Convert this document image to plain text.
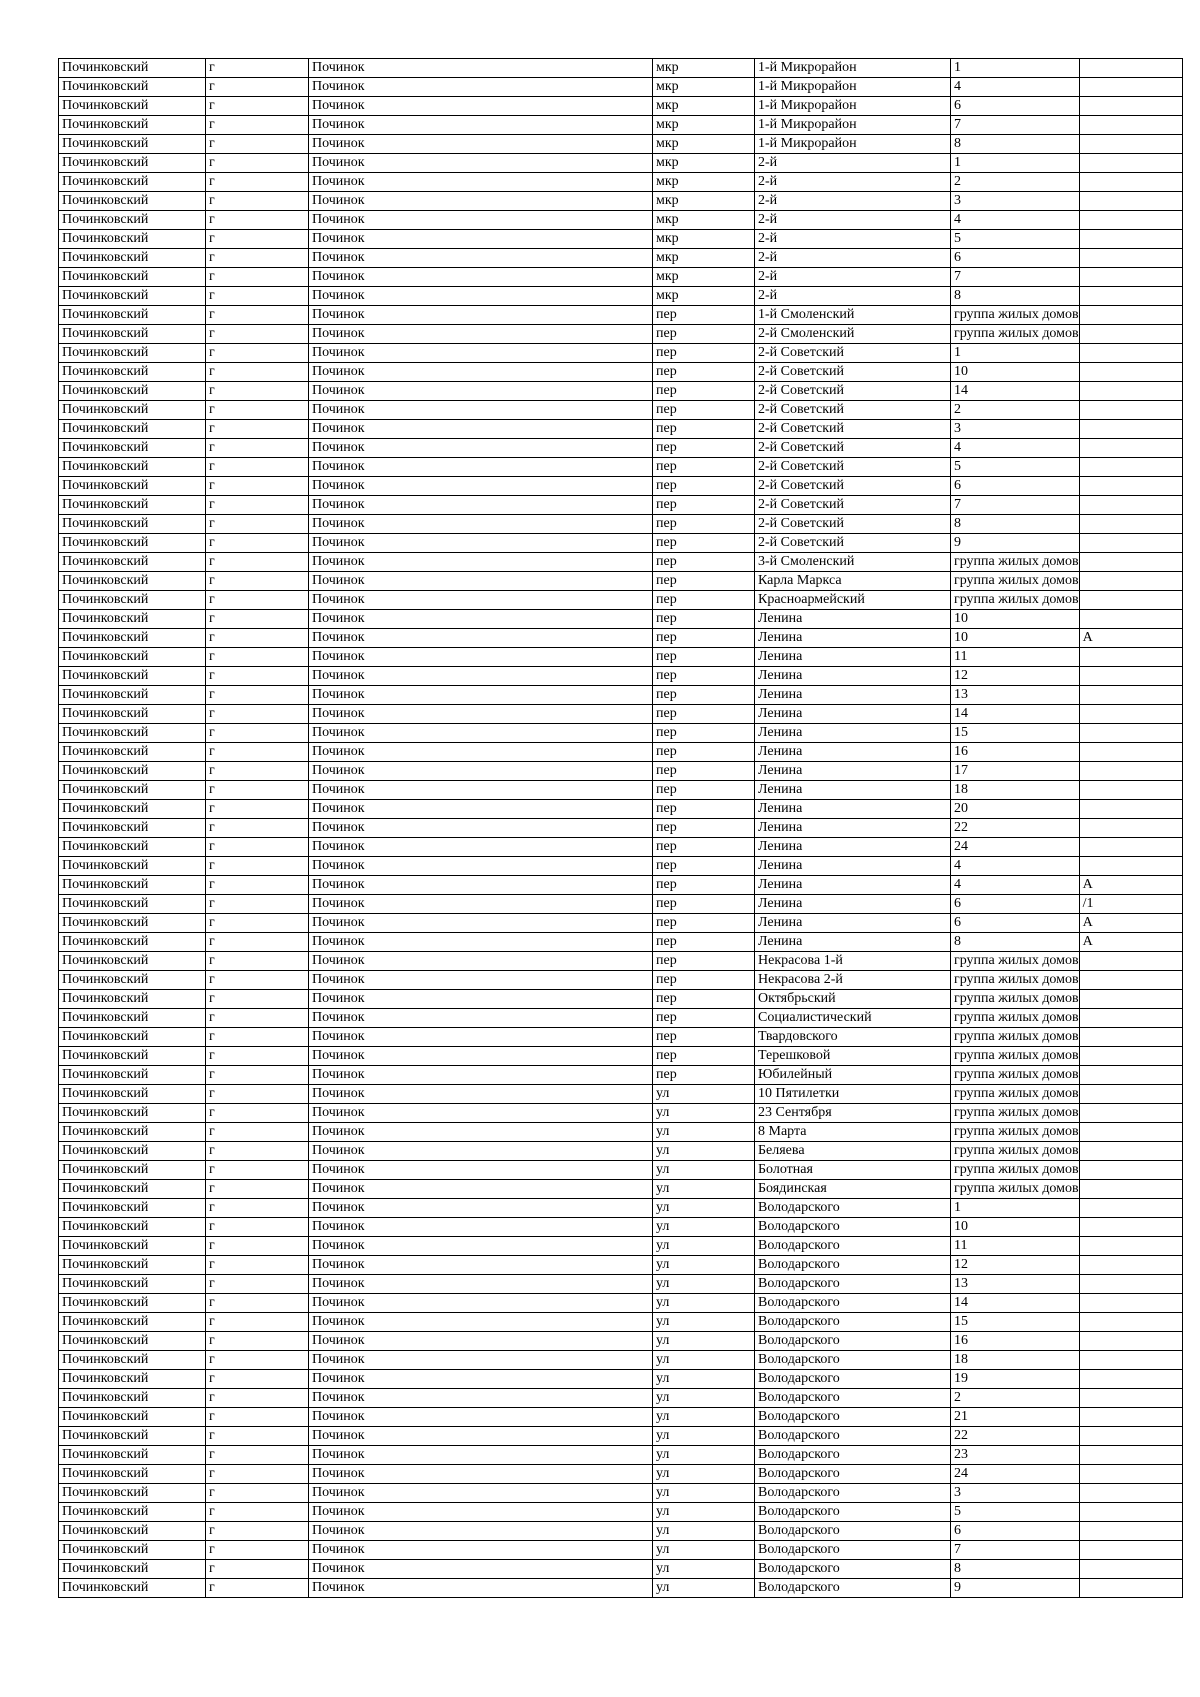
Починковский	г	Починок	мкр	1-й Микрорайон	1	
Починковский	г	Починок	мкр	1-й Микрорайон	4	
Починковский	г	Починок	мкр	1-й Микрорайон	6	
Починковский	г	Починок	мкр	1-й Микрорайон	7	
Починковский	г	Починок	мкр	1-й Микрорайон	8	
Починковский	г	Починок	мкр	2-й	1	
Починковский	г	Починок	мкр	2-й	2	
Починковский	г	Починок	мкр	2-й	3	
Починковский	г	Починок	мкр	2-й	4	
Починковский	г	Починок	мкр	2-й	5	
Починковский	г	Починок	мкр	2-й	6	
Починковский	г	Починок	мкр	2-й	7	
Починковский	г	Починок	мкр	2-й	8	
Починковский	г	Починок	пер	1-й Смоленский	группа жилых домов	
Починковский	г	Починок	пер	2-й Смоленский	группа жилых домов	
Починковский	г	Починок	пер	2-й Советский	1	
Починковский	г	Починок	пер	2-й Советский	10	
Починковский	г	Починок	пер	2-й Советский	14	
Починковский	г	Починок	пер	2-й Советский	2	
Починковский	г	Починок	пер	2-й Советский	3	
Починковский	г	Починок	пер	2-й Советский	4	
Починковский	г	Починок	пер	2-й Советский	5	
Починковский	г	Починок	пер	2-й Советский	6	
Починковский	г	Починок	пер	2-й Советский	7	
Починковский	г	Починок	пер	2-й Советский	8	
Починковский	г	Починок	пер	2-й Советский	9	
Починковский	г	Починок	пер	3-й Смоленский	группа жилых домов	
Починковский	г	Починок	пер	Карла Маркса	группа жилых домов	
Починковский	г	Починок	пер	Красноармейский	группа жилых домов	
Починковский	г	Починок	пер	Ленина	10	
Починковский	г	Починок	пер	Ленина	10	А
Починковский	г	Починок	пер	Ленина	11	
Починковский	г	Починок	пер	Ленина	12	
Починковский	г	Починок	пер	Ленина	13	
Починковский	г	Починок	пер	Ленина	14	
Починковский	г	Починок	пер	Ленина	15	
Починковский	г	Починок	пер	Ленина	16	
Починковский	г	Починок	пер	Ленина	17	
Починковский	г	Починок	пер	Ленина	18	
Починковский	г	Починок	пер	Ленина	20	
Починковский	г	Починок	пер	Ленина	22	
Починковский	г	Починок	пер	Ленина	24	
Починковский	г	Починок	пер	Ленина	4	
Починковский	г	Починок	пер	Ленина	4	А
Починковский	г	Починок	пер	Ленина	6	/1
Починковский	г	Починок	пер	Ленина	6	А
Починковский	г	Починок	пер	Ленина	8	А
Починковский	г	Починок	пер	Некрасова 1-й	группа жилых домов	
Починковский	г	Починок	пер	Некрасова 2-й	группа жилых домов	
Починковский	г	Починок	пер	Октябрьский	группа жилых домов	
Починковский	г	Починок	пер	Социалистический	группа жилых домов	
Починковский	г	Починок	пер	Твардовского	группа жилых домов	
Починковский	г	Починок	пер	Терешковой	группа жилых домов	
Починковский	г	Починок	пер	Юбилейный	группа жилых домов	
Починковский	г	Починок	ул	10 Пятилетки	группа жилых домов	
Починковский	г	Починок	ул	23 Сентября	группа жилых домов	
Починковский	г	Починок	ул	8 Марта	группа жилых домов	
Починковский	г	Починок	ул	Беляева	группа жилых домов	
Починковский	г	Починок	ул	Болотная	группа жилых домов	
Починковский	г	Починок	ул	Боядинская	группа жилых домов	
Починковский	г	Починок	ул	Володарского	1	
Починковский	г	Починок	ул	Володарского	10	
Починковский	г	Починок	ул	Володарского	11	
Починковский	г	Починок	ул	Володарского	12	
Починковский	г	Починок	ул	Володарского	13	
Починковский	г	Починок	ул	Володарского	14	
Починковский	г	Починок	ул	Володарского	15	
Починковский	г	Починок	ул	Володарского	16	
Починковский	г	Починок	ул	Володарского	18	
Починковский	г	Починок	ул	Володарского	19	
Починковский	г	Починок	ул	Володарского	2	
Починковский	г	Починок	ул	Володарского	21	
Починковский	г	Починок	ул	Володарского	22	
Починковский	г	Починок	ул	Володарского	23	
Починковский	г	Починок	ул	Володарского	24	
Починковский	г	Починок	ул	Володарского	3	
Починковский	г	Починок	ул	Володарского	5	
Починковский	г	Починок	ул	Володарского	6	
Починковский	г	Починок	ул	Володарского	7	
Починковский	г	Починок	ул	Володарского	8	
Починковский	г	Починок	ул	Володарского	9	
